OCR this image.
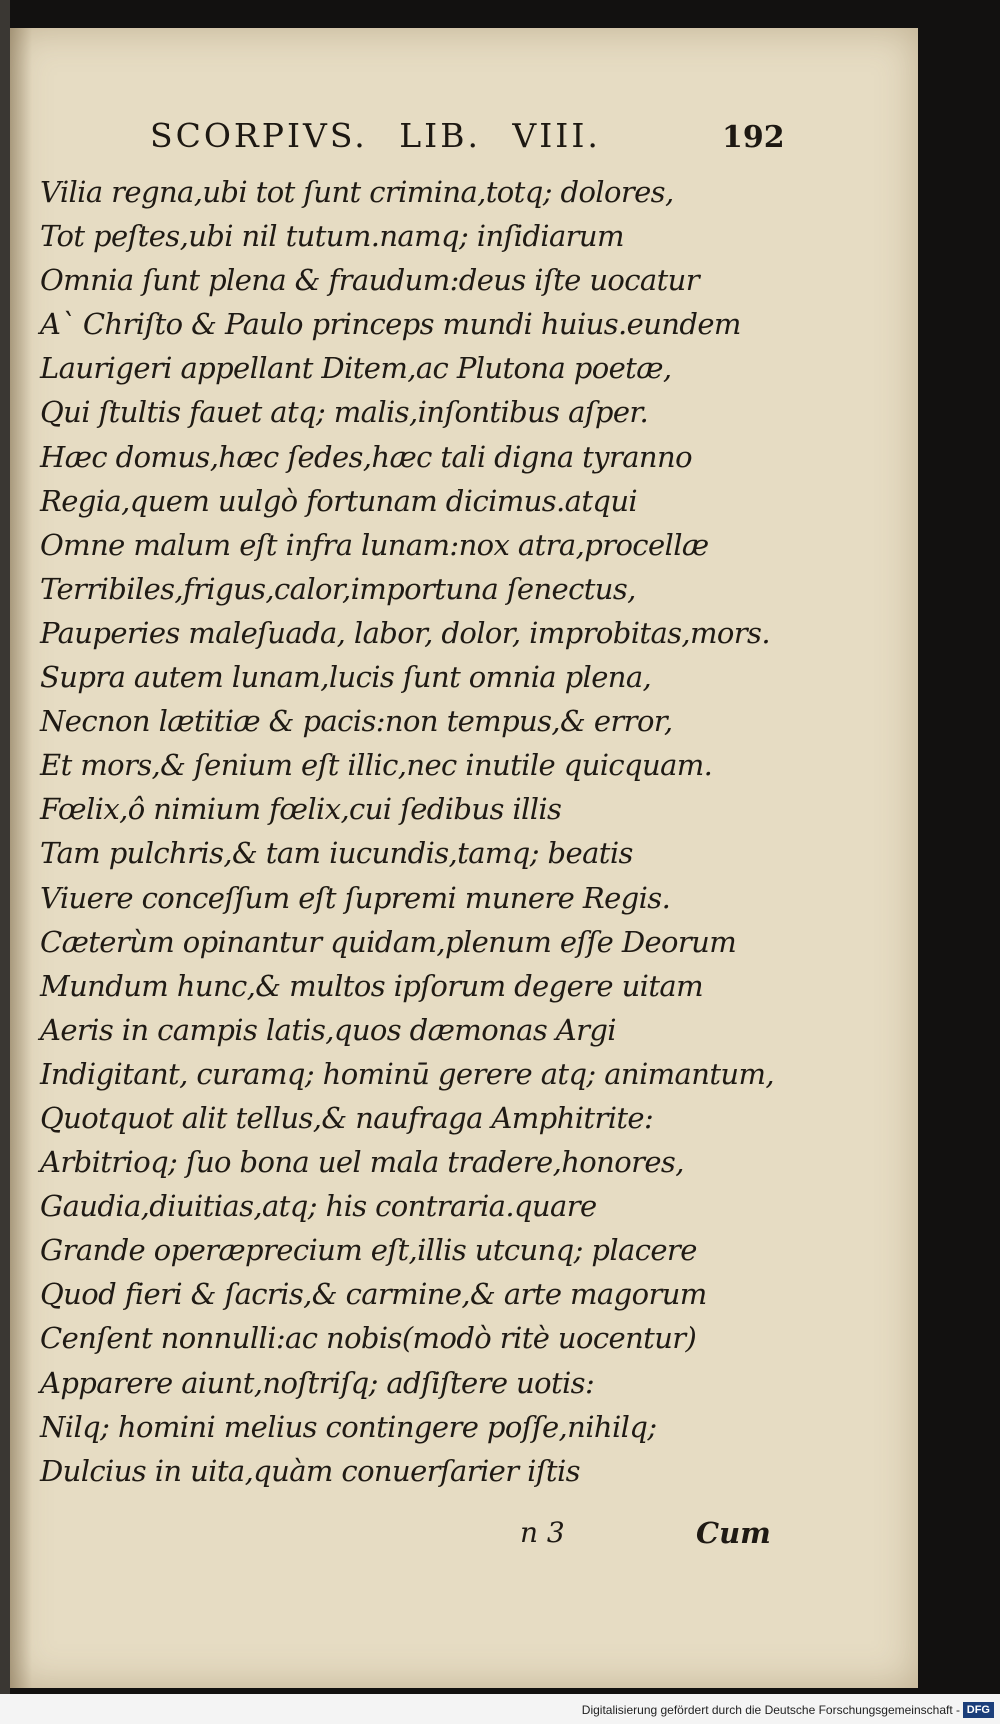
SCORPIVS. LIB. VIII.	192
Vilia regna,ubi tot ſunt crimina,totq; dolores,
Tot peſtes,ubi nil tutum.namq; inſidiarum
Omnia ſunt plena & fraudum:deus iſte uocatur
A` Chriſto & Paulo princeps mundi huius.eundem
Laurigeri appellant Ditem,ac Plutona poetæ,
Qui ſtultis fauet atq; malis,inſontibus aſper.
Hæc domus,hæc ſedes,hæc tali digna tyranno
Regia,quem uulgò fortunam dicimus.atqui
Omne malum eſt infra lunam:nox atra,procellæ
Terribiles,frigus,calor,importuna ſenectus,
Pauperies maleſuada, labor, dolor, improbitas,mors.
Supra autem lunam,lucis ſunt omnia plena,
Necnon lætitiæ & pacis:non tempus,& error,
Et mors,& ſenium eſt illic,nec inutile quicquam.
Fœlix,ô nimium fœlix,cui ſedibus illis
Tam pulchris,& tam iucundis,tamq; beatis
Viuere conceſſum eſt ſupremi munere Regis.
Cæterùm opinantur quidam,plenum eſſe Deorum
Mundum hunc,& multos ipſorum degere uitam
Aeris in campis latis,quos dæmonas Argi
Indigitant, curamq; hominū gerere atq; animantum,
Quotquot alit tellus,& naufraga Amphitrite:
Arbitrioq; ſuo bona uel mala tradere,honores,
Gaudia,diuitias,atq; his contraria.quare
Grande operæprecium eſt,illis utcunq; placere
Quod fieri & ſacris,& carmine,& arte magorum
Cenſent nonnulli:ac nobis(modò ritè uocentur)
Apparere aiunt,noſtriſq; adſiſtere uotis:
Nilq; homini melius contingere poſſe,nihilq;
Dulcius in uita,quàm conuerſarier iſtis
n 3	Cum
Digitalisierung gefördert durch die Deutsche Forschungsgemeinschaft - DFG
